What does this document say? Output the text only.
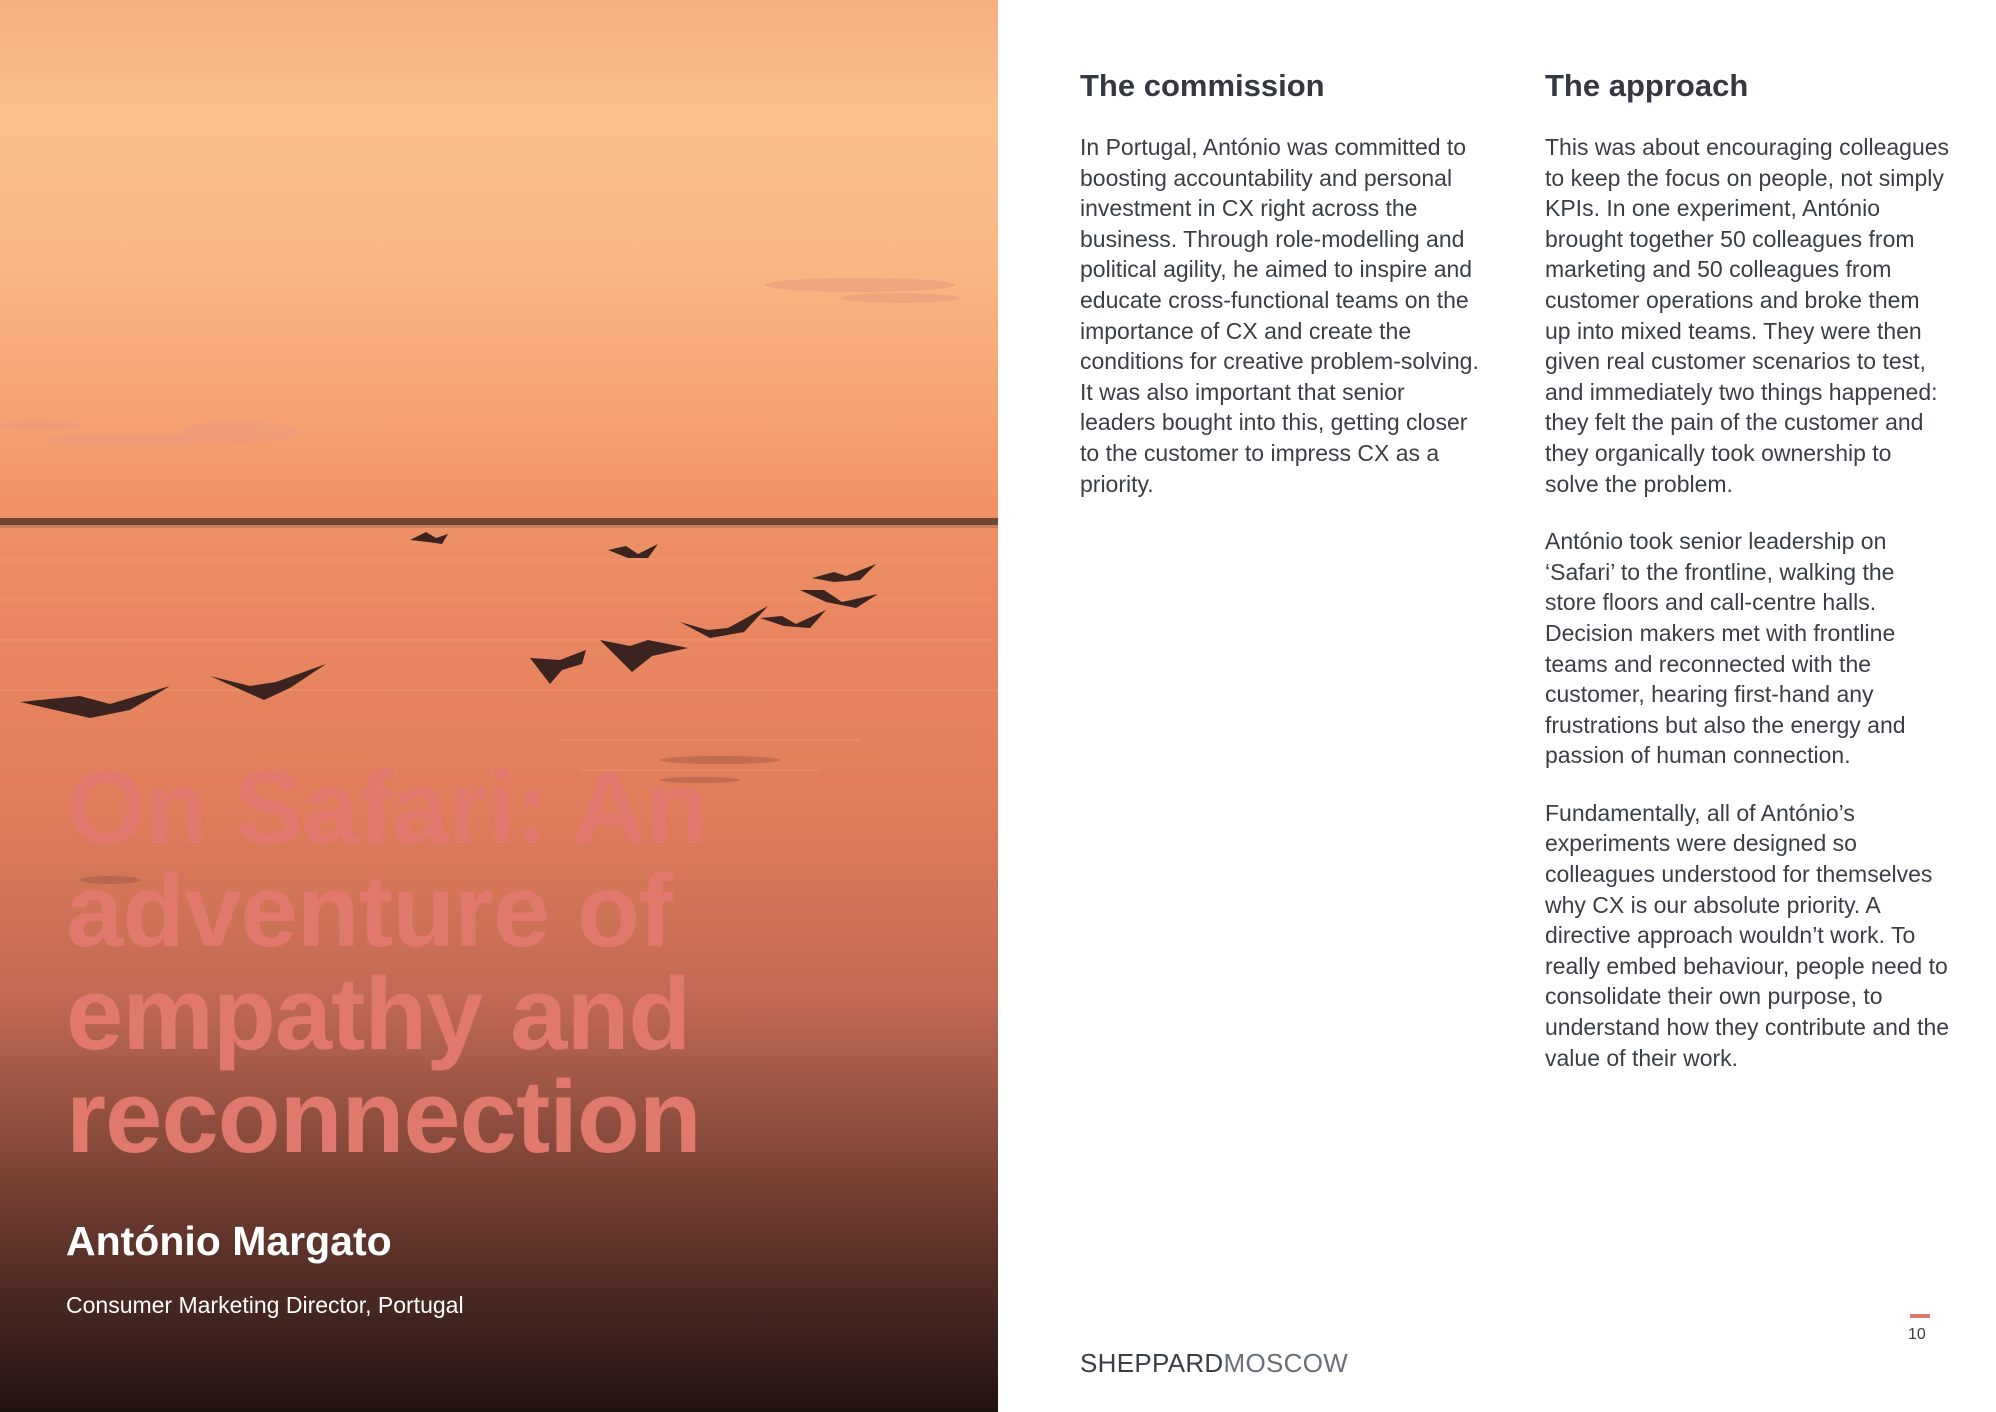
On Safari: An adventure of empathy and reconnection
António Margato

Consumer Marketing Director, Portugal

The commission

In Portugal, António was committed to boosting accountability and personal investment in CX right across the business. Through role-modelling and political agility, he aimed to inspire and educate cross-functional teams on the importance of CX and create the conditions for creative problem-solving. It was also important that senior leaders bought into this, getting closer to the customer to impress CX as a priority.

The approach

This was about encouraging colleagues to keep the focus on people, not simply KPIs. In one experiment, António brought together 50 colleagues from marketing and 50 colleagues from customer operations and broke them up into mixed teams. They were then given real customer scenarios to test, and immediately two things happened: they felt the pain of the customer and they organically took ownership to solve the problem.

António took senior leadership on ‘Safari’ to the frontline, walking the store floors and call-centre halls. Decision makers met with frontline teams and reconnected with the customer, hearing first-hand any frustrations but also the energy and passion of human connection.

Fundamentally, all of António’s experiments were designed so colleagues understood for themselves why CX is our absolute priority. A directive approach wouldn’t work. To really embed behaviour, people need to consolidate their own purpose, to understand how they contribute and the value of their work.

SHEPPARDMOSCOW
10
